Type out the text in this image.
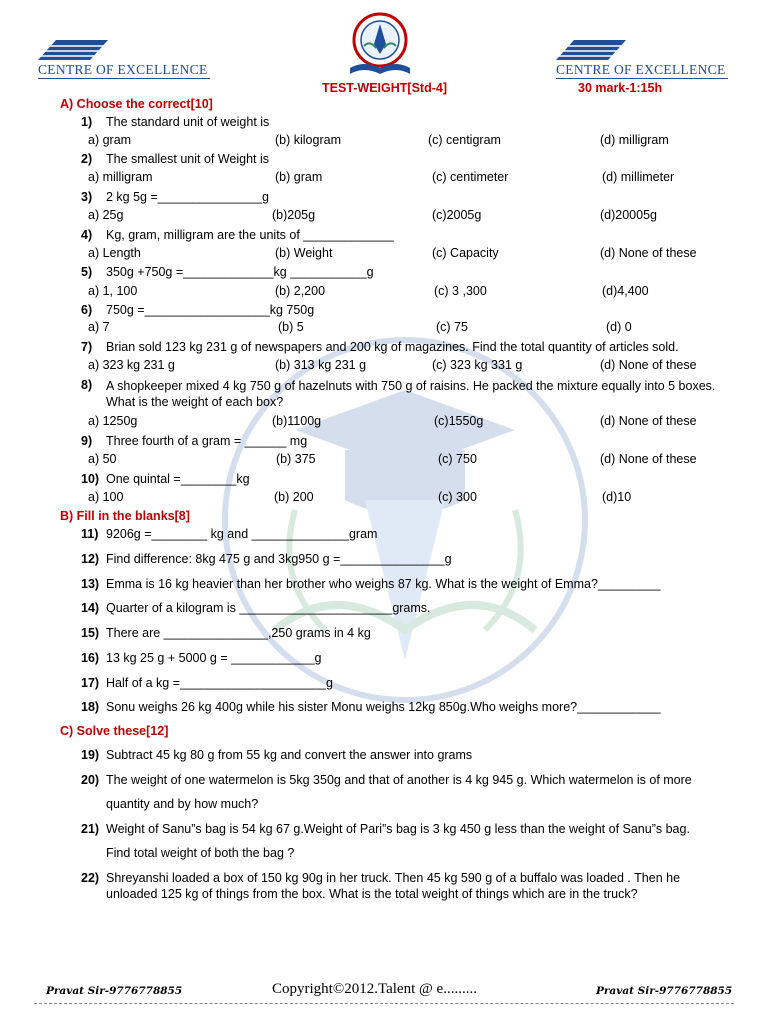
CENTRE OF EXCELLENCE	CENTRE OF EXCELLENCE
TEST-WEIGHT[Std-4]	30 mark-1:15h
A) Choose the correct[10]
1) The standard unit of weight is
a) gram	(b) kilogram	(c) centigram	(d) milligram
2) The smallest unit of Weight is
a) milligram	(b) gram	(c) centimeter	(d) millimeter
3) 2 kg 5g =_______________g
a) 25g	(b)205g	(c)2005g	(d)20005g
4) Kg, gram, milligram are the units of _____________
a) Length	(b) Weight	(c) Capacity	(d) None of these
5) 350g +750g =_____________kg ___________g
a) 1, 100	(b) 2,200	(c) 3 ,300	(d)4,400
6) 750g =__________________kg 750g
a) 7	(b) 5	(c) 75	(d) 0
7) Brian sold 123 kg 231 g of newspapers and 200 kg of magazines. Find the total quantity of articles sold.
a) 323 kg 231 g	(b) 313 kg 231 g	(c) 323 kg 331 g	(d) None of these
8) A shopkeeper mixed 4 kg 750 g of hazelnuts with 750 g of raisins. He packed the mixture equally into 5 boxes. What is the weight of each box?
a) 1250g	(b)1100g	(c)1550g	(d) None of these
9) Three fourth of a gram = ______ mg
a) 50	(b) 375	(c) 750	(d) None of these
10) One quintal =________kg
a) 100	(b) 200	(c) 300	(d)10
B) Fill in the blanks[8]
11) 9206g =________ kg and ______________gram
12) Find difference: 8kg 475 g and 3kg950 g =_______________g
13) Emma is 16 kg heavier than her brother who weighs 87 kg. What is the weight of Emma?_________
14) Quarter of a kilogram is ______________________grams.
15) There are _______________,250 grams in 4 kg
16) 13 kg 25 g + 5000 g = ____________g
17) Half of a kg =_____________________g
18) Sonu weighs 26 kg 400g while his sister Monu weighs 12kg 850g.Who weighs more?____________
C) Solve these[12]
19) Subtract 45 kg 80 g from 55 kg and convert the answer into grams
20) The weight of one watermelon is 5kg 350g and that of another is 4 kg 945 g. Which watermelon is of more
quantity and by how much?
21) Weight of Sanu”s bag is 54 kg 67 g.Weight of Pari”s bag is 3 kg 450 g less than the weight of Sanu”s bag.
Find total weight of both the bag ?
22) Shreyanshi loaded a box of 150 kg 90g in her truck. Then 45 kg 590 g of a buffalo was loaded . Then he
unloaded 125 kg of things from the box. What is the total weight of things which are in the truck?
Pravat Sir-9776778855	Copyright©2012.Talent @ e.........	Pravat Sir-9776778855
